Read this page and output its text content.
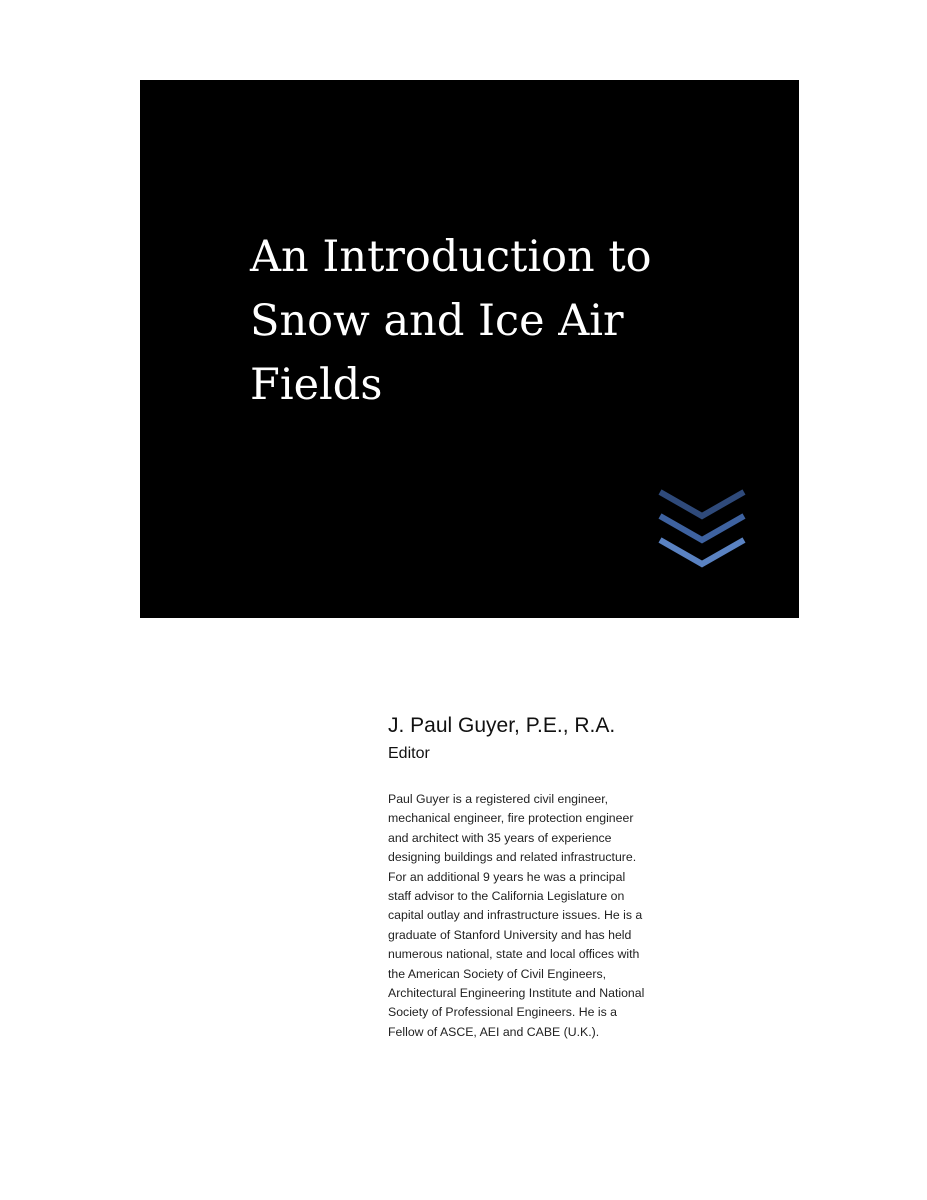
An Introduction to
Snow and Ice Air
Fields
J. Paul Guyer, P.E., R.A.
Editor
Paul Guyer is a registered civil engineer,
mechanical engineer, fire protection engineer
and architect with 35 years of experience
designing buildings and related infrastructure.
For an additional 9 years he was a principal
staff advisor to the California Legislature on
capital outlay and infrastructure issues. He is a
graduate of Stanford University and has held
numerous national, state and local offices with
the American Society of Civil Engineers,
Architectural Engineering Institute and National
Society of Professional Engineers. He is a
Fellow of ASCE, AEI and CABE (U.K.).
